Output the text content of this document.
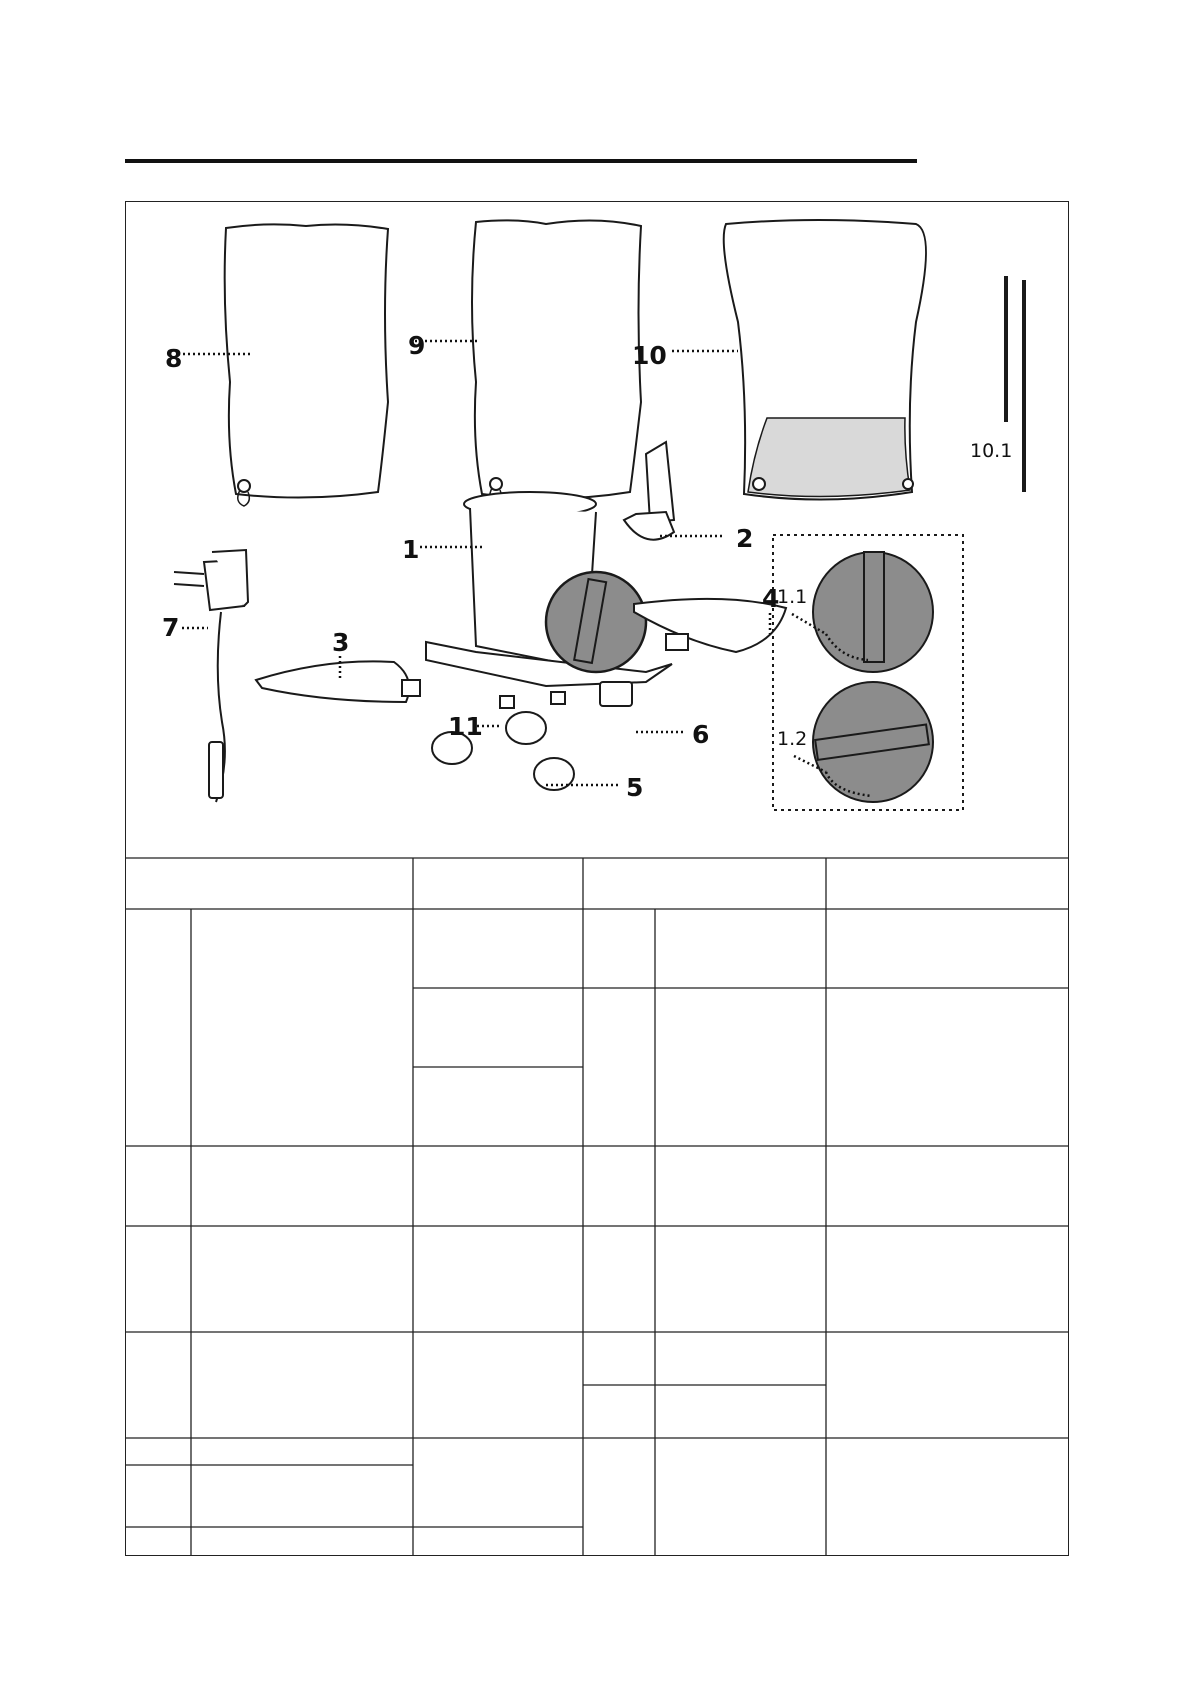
8	9	10
10.1
1	2
3
4
7
11	6
5
1.1
1.2
